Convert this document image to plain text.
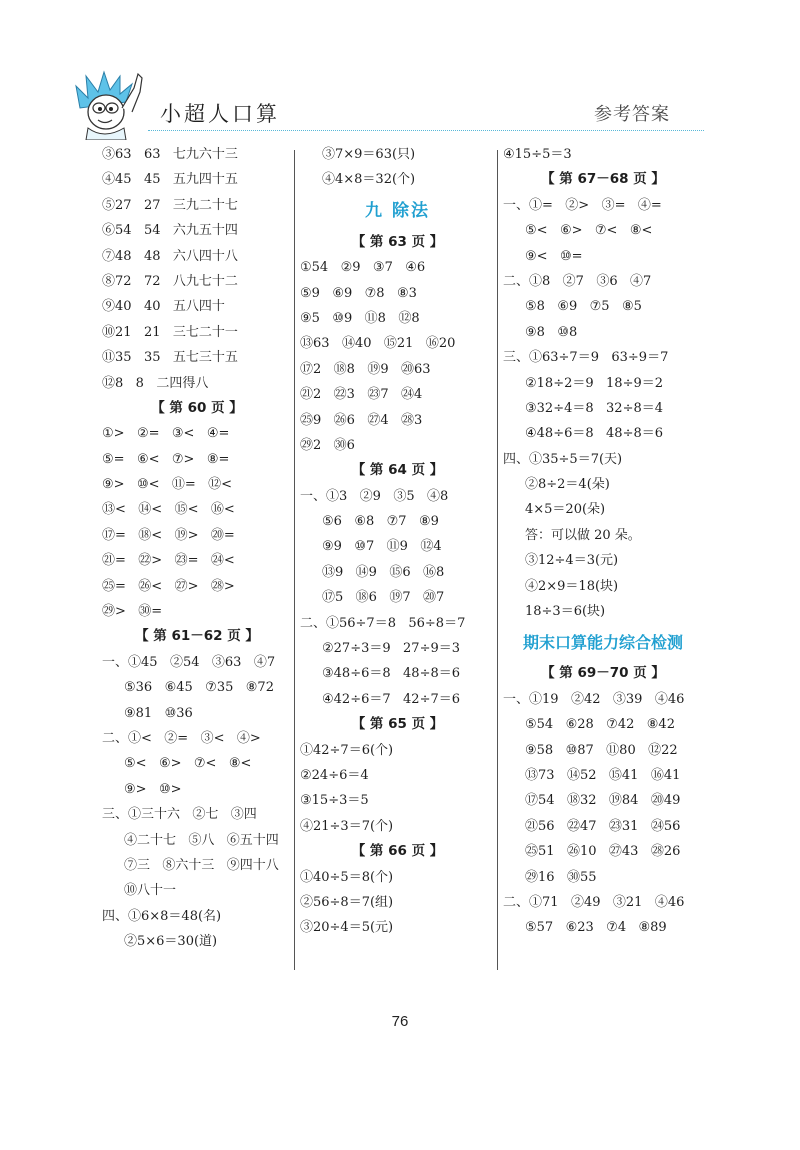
小超人口算	参考答案
③63   63   七九六十三
④45   45   五九四十五
⑤27   27   三九二十七
⑥54   54   六九五十四
⑦48   48   六八四十八
⑧72   72   八九七十二
⑨40   40   五八四十
⑩21   21   三七二十一
⑪35   35   五七三十五
⑫8   8   二四得八
【 第 60 页 】
①>   ②=   ③<   ④=
⑤=   ⑥<   ⑦>   ⑧=
⑨>   ⑩<   ⑪=   ⑫<
⑬<   ⑭<   ⑮<   ⑯<
⑰=   ⑱<   ⑲>   ⑳=
㉑=   ㉒>   ㉓=   ㉔<
㉕=   ㉖<   ㉗>   ㉘>
㉙>   ㉚=
【 第 61－62 页 】
一、①45   ②54   ③63   ④7
⑤36   ⑥45   ⑦35   ⑧72
⑨81   ⑩36
二、①<   ②=   ③<   ④>
⑤<   ⑥>   ⑦<   ⑧<
⑨>   ⑩>
三、①三十六   ②七   ③四
④二十七   ⑤八   ⑥五十四
⑦三   ⑧六十三   ⑨四十八
⑩八十一
四、①6×8＝48(名)
②5×6＝30(道)
③7×9＝63(只)
④4×8＝32(个)
九 除法
【 第 63 页 】
①54   ②9   ③7   ④6
⑤9   ⑥9   ⑦8   ⑧3
⑨5   ⑩9   ⑪8   ⑫8
⑬63   ⑭40   ⑮21   ⑯20
⑰2   ⑱8   ⑲9   ⑳63
㉑2   ㉒3   ㉓7   ㉔4
㉕9   ㉖6   ㉗4   ㉘3
㉙2   ㉚6
【 第 64 页 】
一、①3   ②9   ③5   ④8
⑤6   ⑥8   ⑦7   ⑧9
⑨9   ⑩7   ⑪9   ⑫4
⑬9   ⑭9   ⑮6   ⑯8
⑰5   ⑱6   ⑲7   ⑳7
二、①56÷7＝8   56÷8＝7
②27÷3＝9   27÷9＝3
③48÷6＝8   48÷8＝6
④42÷6＝7   42÷7＝6
【 第 65 页 】
①42÷7＝6(个)
②24÷6＝4
③15÷3＝5
④21÷3＝7(个)
【 第 66 页 】
①40÷5＝8(个)
②56÷8＝7(组)
③20÷4＝5(元)
④15÷5＝3
【 第 67－68 页 】
一、①=   ②>   ③=   ④=
⑤<   ⑥>   ⑦<   ⑧<
⑨<   ⑩=
二、①8   ②7   ③6   ④7
⑤8   ⑥9   ⑦5   ⑧5
⑨8   ⑩8
三、①63÷7＝9   63÷9＝7
②18÷2＝9   18÷9＝2
③32÷4＝8   32÷8＝4
④48÷6＝8   48÷8＝6
四、①35÷5＝7(天)
②8÷2＝4(朵)
4×5＝20(朵)
答：可以做 20 朵。
③12÷4＝3(元)
④2×9＝18(块)
18÷3＝6(块)
期末口算能力综合检测
【 第 69－70 页 】
一、①19   ②42   ③39   ④46
⑤54   ⑥28   ⑦42   ⑧42
⑨58   ⑩87   ⑪80   ⑫22
⑬73   ⑭52   ⑮41   ⑯41
⑰54   ⑱32   ⑲84   ⑳49
㉑56   ㉒47   ㉓31   ㉔56
㉕51   ㉖10   ㉗43   ㉘26
㉙16   ㉚55
二、①71   ②49   ③21   ④46
⑤57   ⑥23   ⑦4   ⑧89
76
